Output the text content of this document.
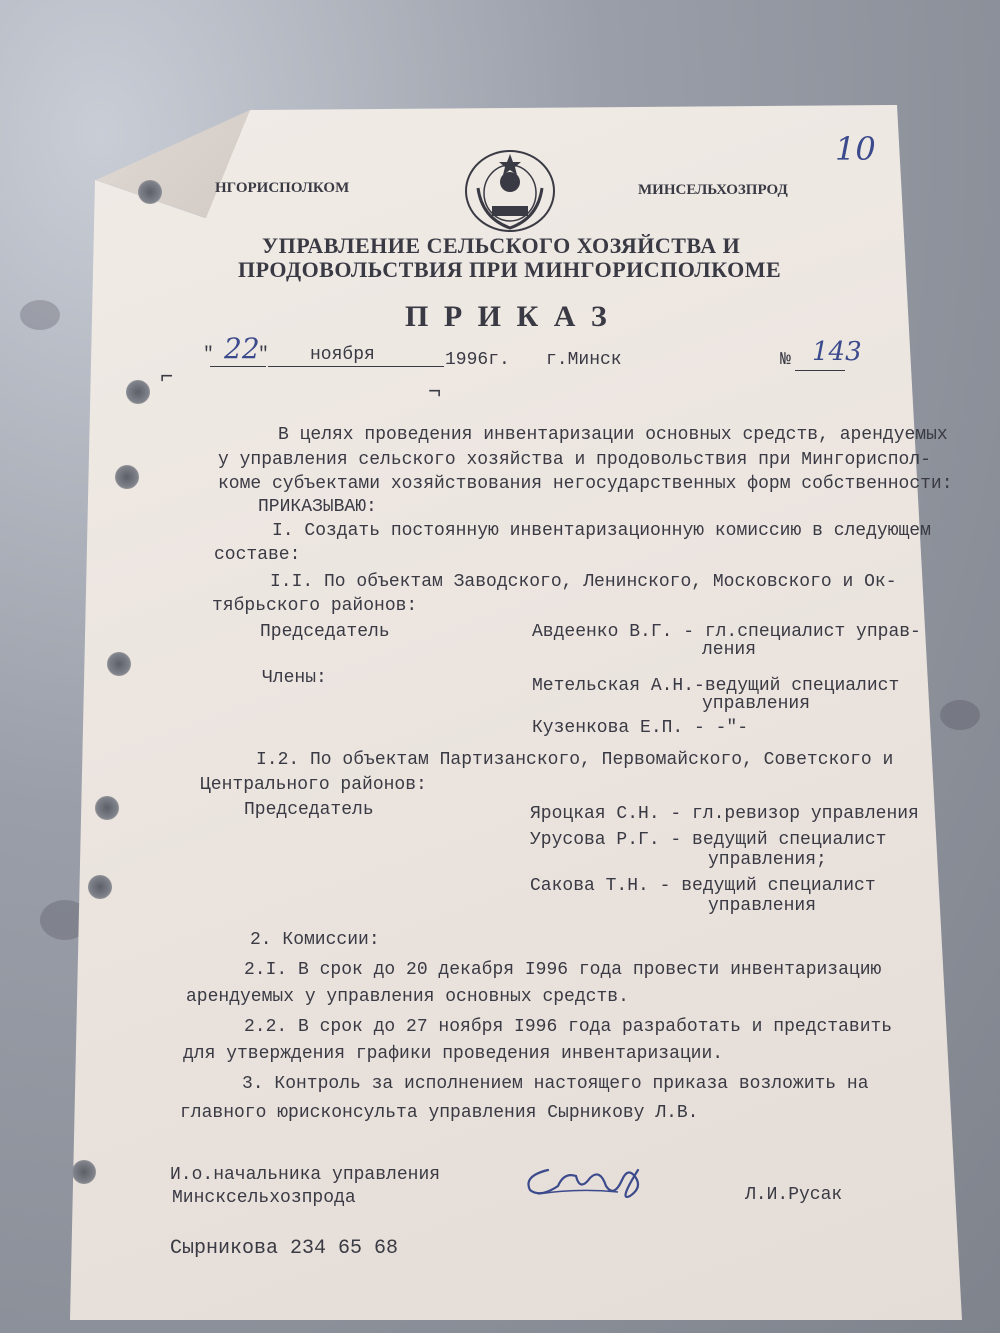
НГОРИСПОЛКОМ	МИНСЕЛЬХОЗПРОД
10
УПРАВЛЕНИЕ СЕЛЬСКОГО ХОЗЯЙСТВА И
ПРОДОВОЛЬСТВИЯ ПРИ МИНГОРИСПОЛКОМЕ
П Р И К А З
" 22
" ноября	1996г. г.Минск	№ 143
⌐
¬
В целях проведения инвентаризации основных средств, арендуемых
у управления сельского хозяйства и продовольствия при Мингориспол-
коме субъектами хозяйствования негосударственных форм собственности:
ПРИКАЗЫВАЮ:
I. Создать постоянную инвентаризационную комиссию в следующем
составе:
I.I. По объектам Заводского, Ленинского, Московского и Ок-
тябрьского районов:
Председатель	Авдеенко В.Г. - гл.специалист управ-
ления
Члены:	Метельская А.Н.-ведущий специалист
управления
Кузенкова Е.П. - -"-
I.2. По объектам Партизанского, Первомайского, Советского и
Центрального районов:
Председатель	Яроцкая С.Н. - гл.ревизор управления
Урусова Р.Г. - ведущий специалист
управления;
Сакова Т.Н. - ведущий специалист
управления
2. Комиссии:
2.I. В срок до 20 декабря I996 года провести инвентаризацию
арендуемых у управления основных средств.
2.2. В срок до 27 ноября I996 года разработать и представить
для утверждения графики проведения инвентаризации.
3. Контроль за исполнением настоящего приказа возложить на
главного юрисконсульта управления Сырникову Л.В.
И.о.начальника управления
Минсксельхозпрода	Л.И.Русак
Сырникова 234 65 68
